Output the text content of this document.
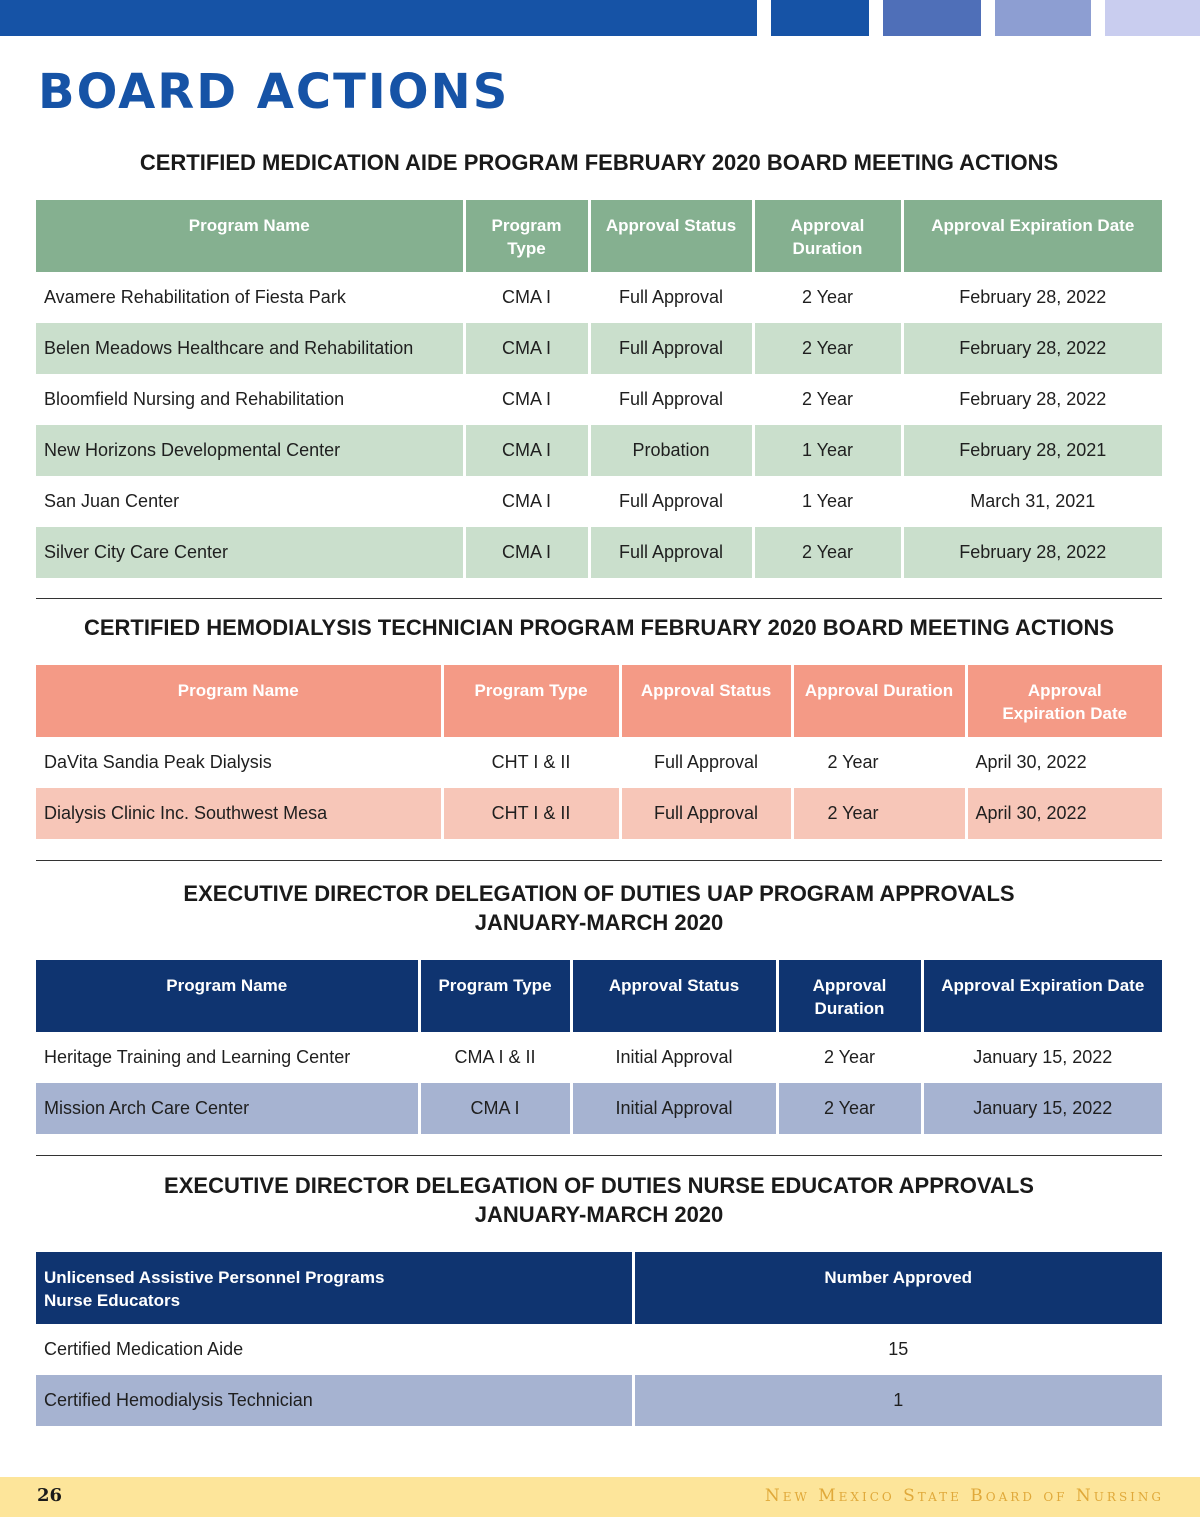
BOARD ACTIONS
CERTIFIED MEDICATION AIDE PROGRAM FEBRUARY 2020 BOARD MEETING ACTIONS
Program Name	Program Type	Approval Status	Approval Duration	Approval Expiration Date
Avamere Rehabilitation of Fiesta Park	CMA I	Full Approval	2 Year	February 28, 2022
Belen Meadows Healthcare and Rehabilitation	CMA I	Full Approval	2 Year	February 28, 2022
Bloomfield Nursing and Rehabilitation	CMA I	Full Approval	2 Year	February 28, 2022
New Horizons Developmental Center	CMA I	Probation	1 Year	February 28, 2021
San Juan Center	CMA I	Full Approval	1 Year	March 31, 2021
Silver City Care Center	CMA I	Full Approval	2 Year	February 28, 2022
CERTIFIED HEMODIALYSIS TECHNICIAN PROGRAM FEBRUARY 2020 BOARD MEETING ACTIONS
Program Name	Program Type	Approval Status	Approval Duration	Approval Expiration Date
DaVita Sandia Peak Dialysis	CHT I & II	Full Approval	2 Year	April 30, 2022
Dialysis Clinic Inc. Southwest Mesa	CHT I & II	Full Approval	2 Year	April 30, 2022
EXECUTIVE DIRECTOR DELEGATION OF DUTIES UAP PROGRAM APPROVALS
JANUARY-MARCH 2020
Program Name	Program Type	Approval Status	Approval Duration	Approval Expiration Date
Heritage Training and Learning Center	CMA I & II	Initial Approval	2 Year	January 15, 2022
Mission Arch Care Center	CMA I	Initial Approval	2 Year	January 15, 2022
EXECUTIVE DIRECTOR DELEGATION OF DUTIES NURSE EDUCATOR APPROVALS
JANUARY-MARCH 2020
Unlicensed Assistive Personnel Programs
Nurse Educators	Number Approved
Certified Medication Aide	15
Certified Hemodialysis Technician	1
26	New Mexico State Board of Nursing
